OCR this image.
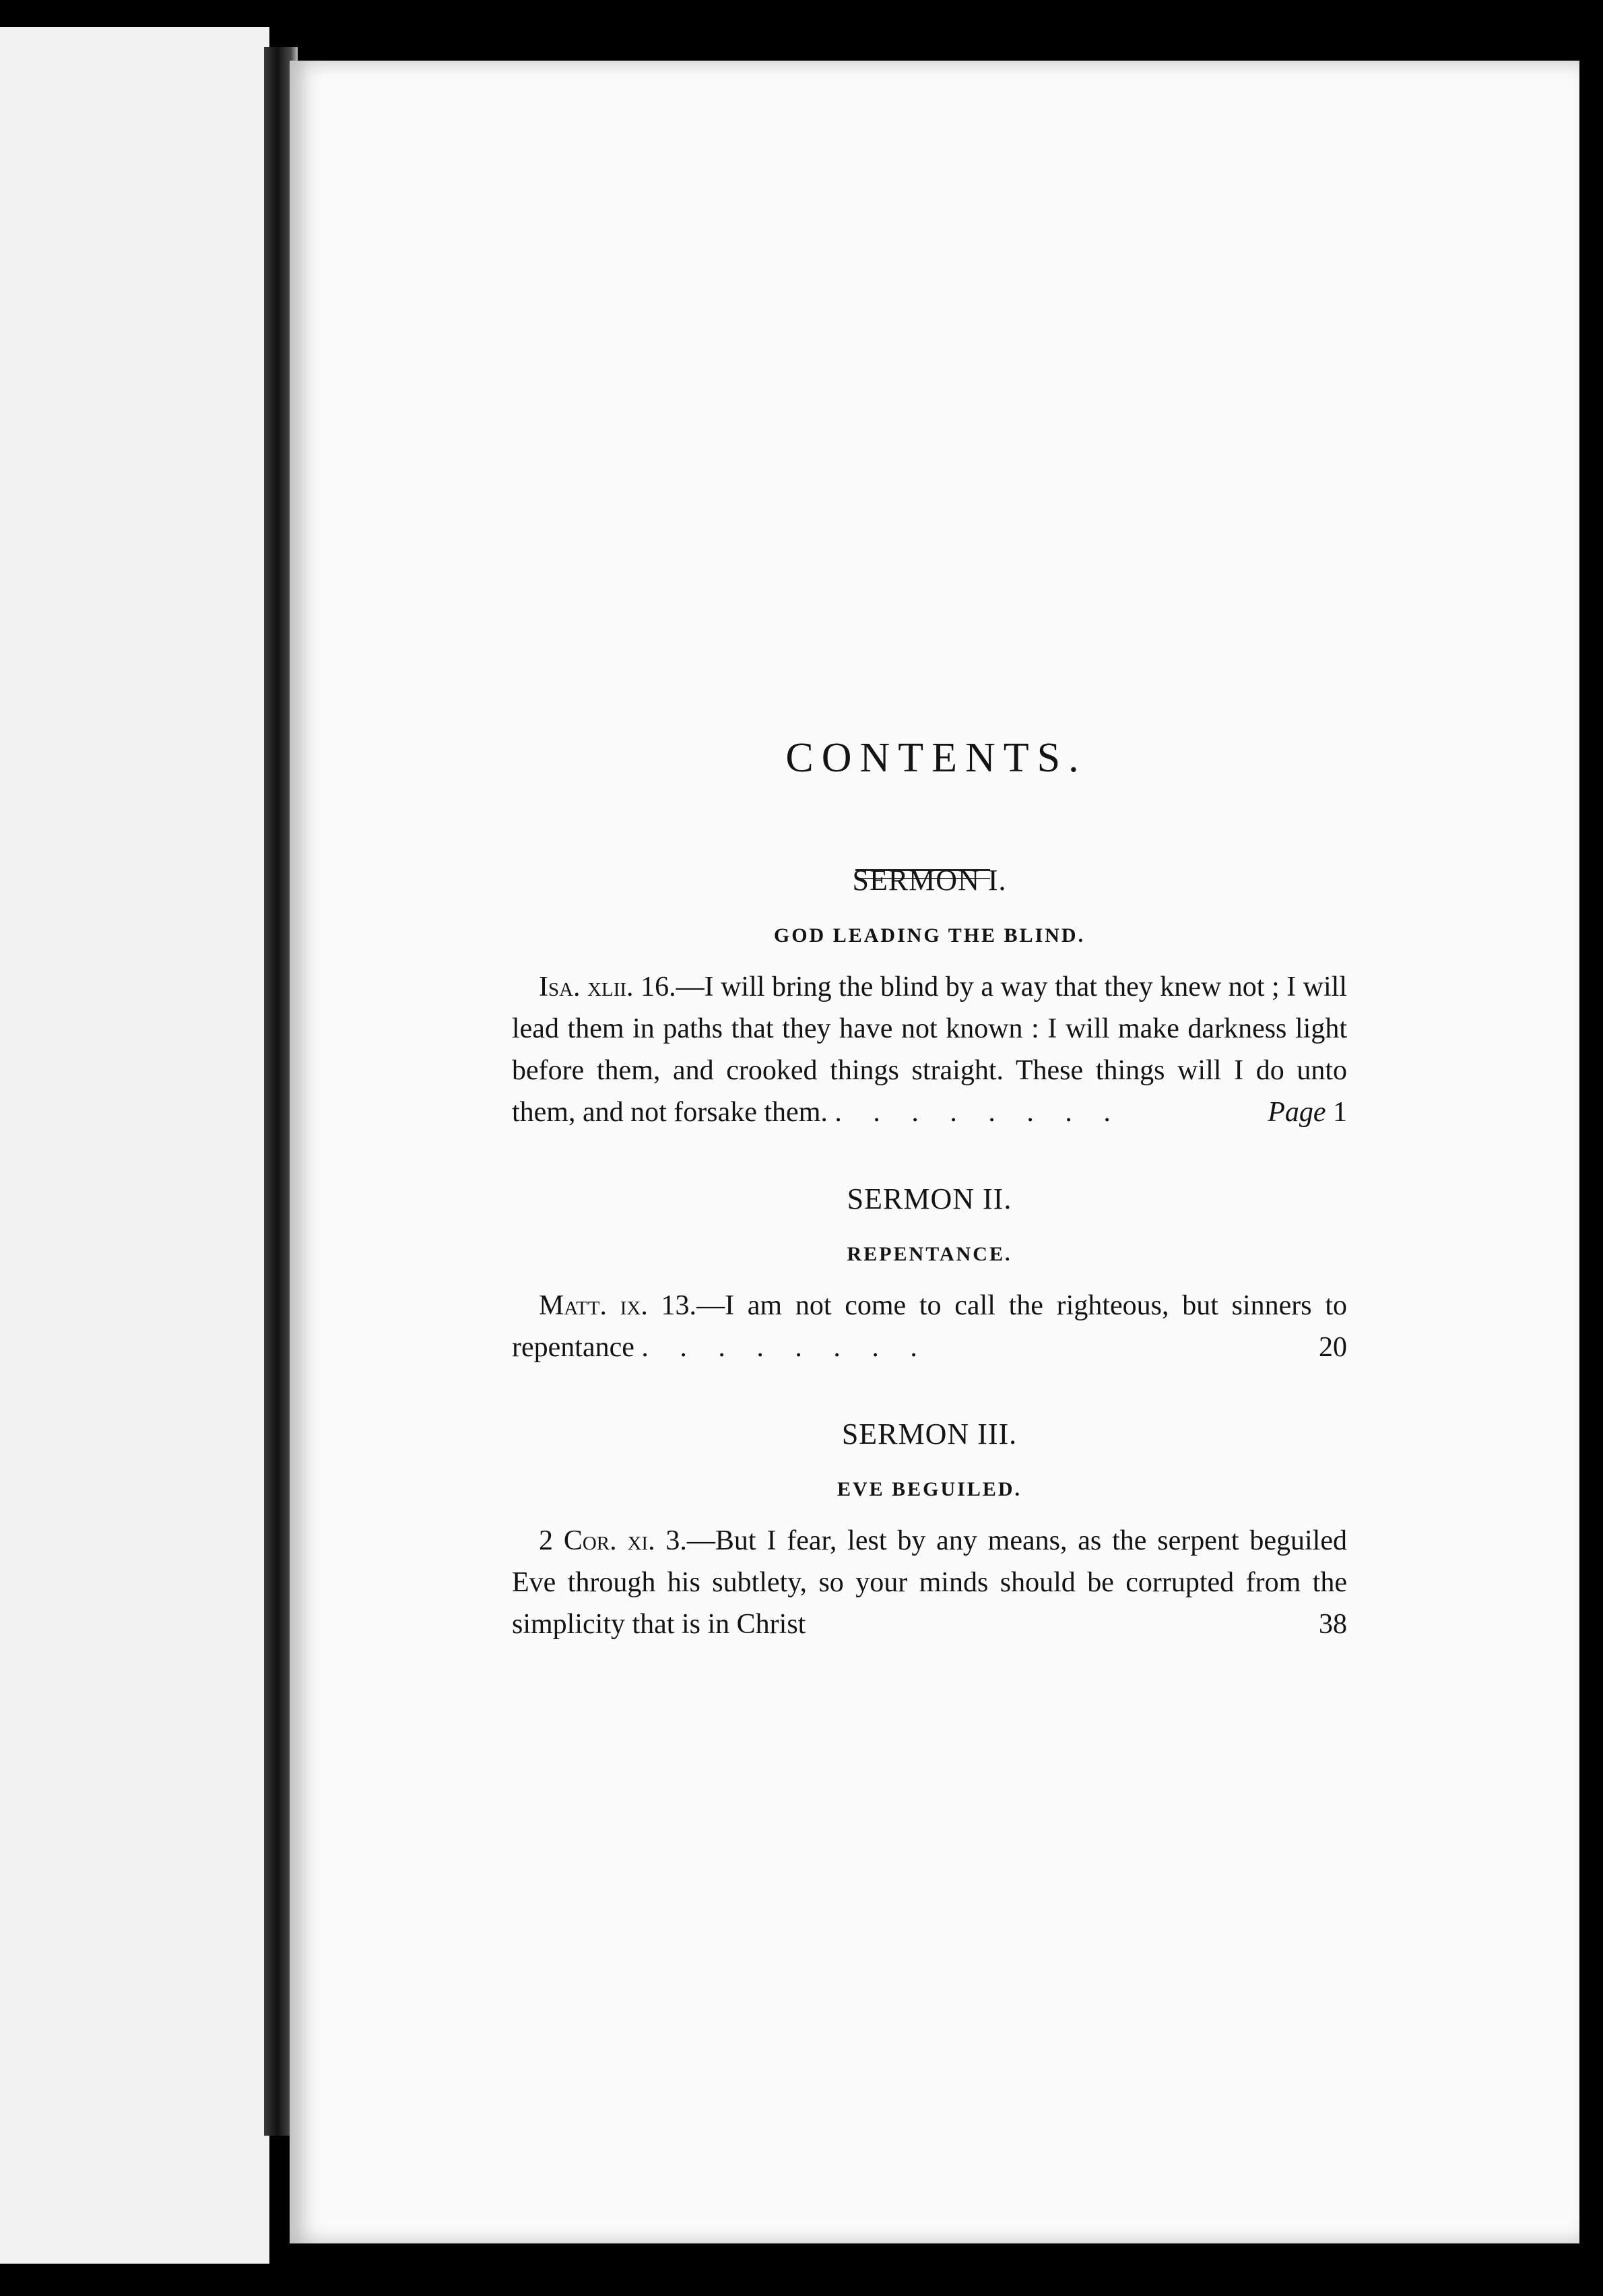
CONTENTS.
SERMON I.

GOD LEADING THE BLIND.

Isa. xlii. 16.—I will bring the blind by a way that they knew not ; I will lead them in paths that they have not known : I will make darkness light before them, and crooked things straight. These things will I do unto them, and not forsake them. . . . . . . . .	Page 1

SERMON II.

REPENTANCE.

Matt. ix. 13.—I am not come to call the righteous, but sinners to repentance . . . . . . . .	20

SERMON III.

EVE BEGUILED.

2 Cor. xi. 3.—But I fear, lest by any means, as the serpent beguiled Eve through his subtlety, so your minds should be corrupted from the simplicity that is in Christ	38
